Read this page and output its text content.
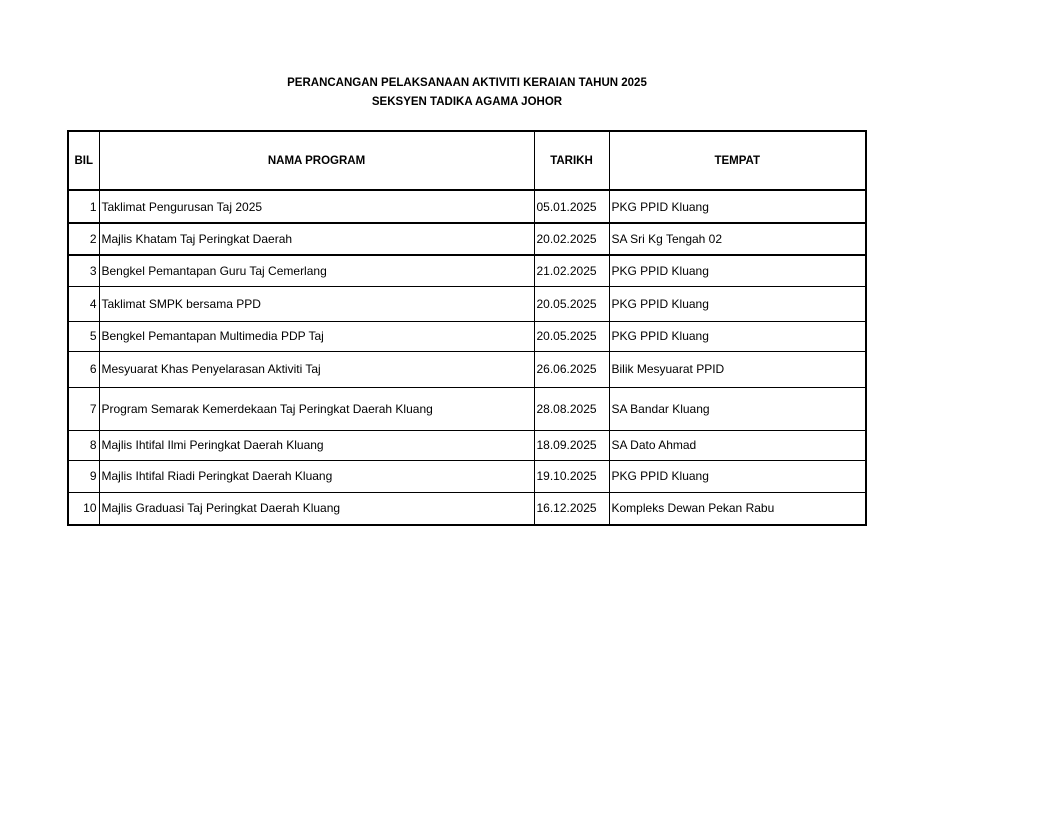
PERANCANGAN PELAKSANAAN AKTIVITI KERAIAN TAHUN 2025
SEKSYEN TADIKA AGAMA JOHOR
BIL	NAMA PROGRAM	TARIKH	TEMPAT
1	Taklimat Pengurusan Taj 2025	05.01.2025	PKG PPID Kluang
2	Majlis Khatam Taj Peringkat Daerah	20.02.2025	SA Sri Kg Tengah 02
3	Bengkel Pemantapan Guru Taj Cemerlang	21.02.2025	PKG PPID Kluang
4	Taklimat SMPK bersama PPD	20.05.2025	PKG PPID Kluang
5	Bengkel Pemantapan Multimedia PDP Taj	20.05.2025	PKG PPID Kluang
6	Mesyuarat Khas Penyelarasan Aktiviti Taj	26.06.2025	Bilik Mesyuarat PPID
7	Program Semarak Kemerdekaan Taj Peringkat Daerah Kluang	28.08.2025	SA Bandar Kluang
8	Majlis Ihtifal Ilmi Peringkat Daerah Kluang	18.09.2025	SA Dato Ahmad
9	Majlis Ihtifal Riadi Peringkat Daerah Kluang	19.10.2025	PKG PPID Kluang
10	Majlis Graduasi Taj Peringkat Daerah Kluang	16.12.2025	Kompleks Dewan Pekan Rabu
